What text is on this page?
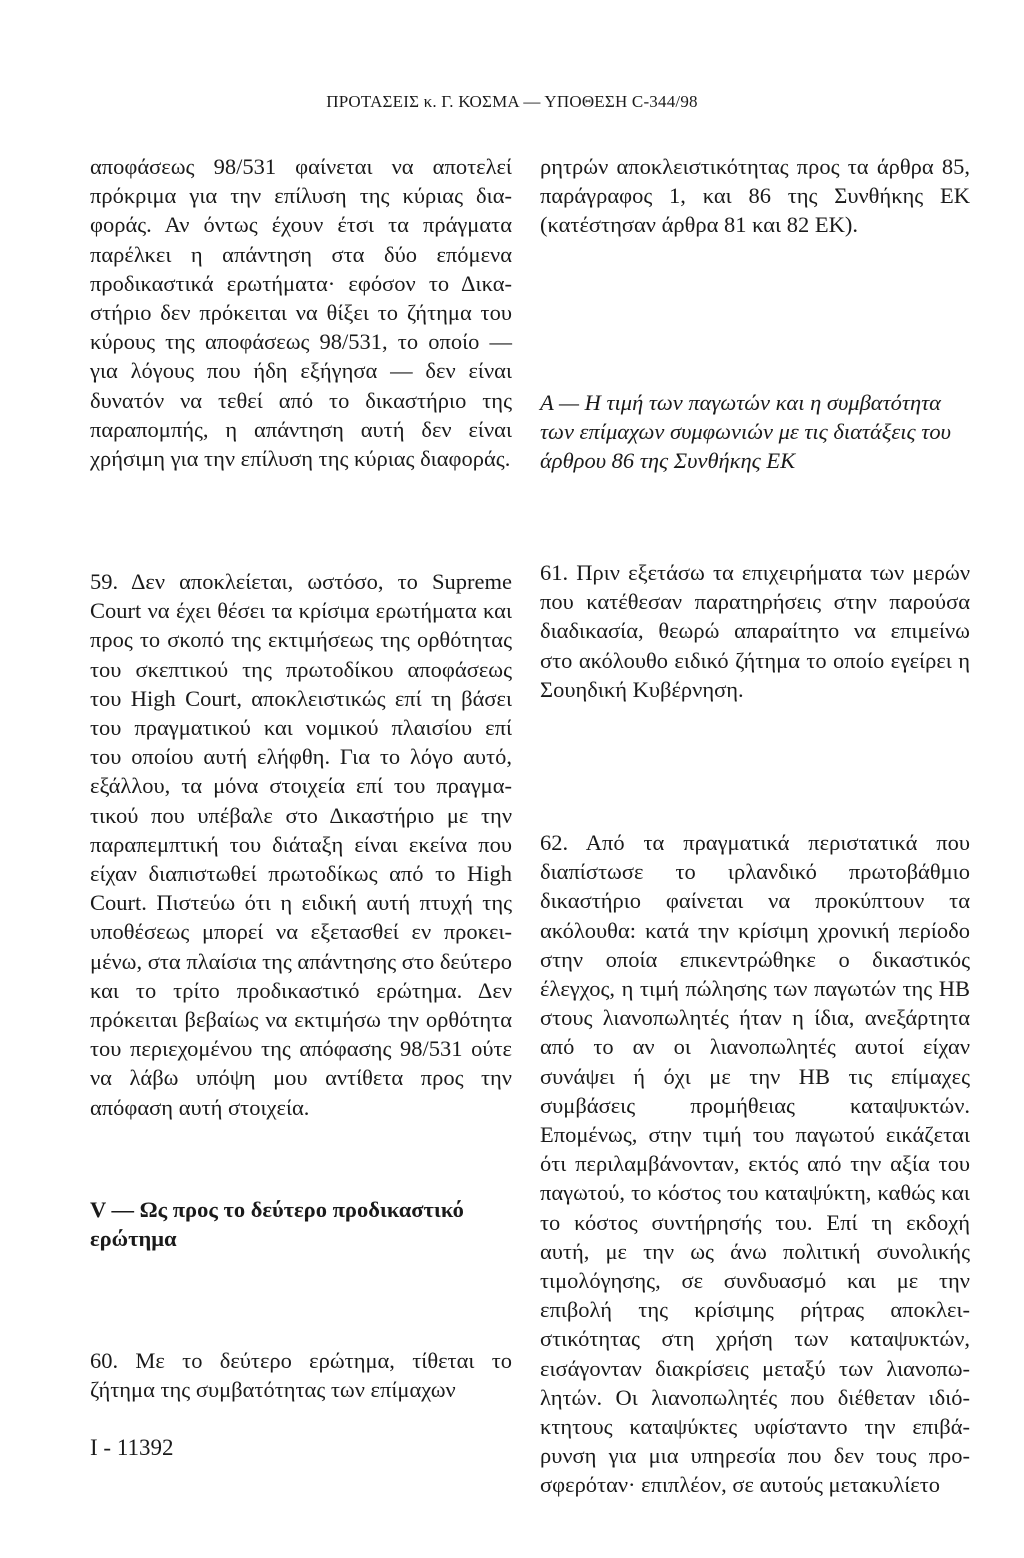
ΠΡΟΤΑΣΕΙΣ κ. Γ. ΚΟΣΜΑ — ΥΠΟΘΕΣΗ C-344/98

αποφάσεως 98/531 φαίνεται να αποτελεί πρόκριμα για την επίλυση της κύριας διαφοράς. Αν όντως έχουν έτσι τα πράγματα παρέλκει η απάντηση στα δύο επόμενα προδικαστικά ερωτήματα· εφόσον το Δικαστήριο δεν πρόκειται να θίξει το ζήτημα του κύρους της αποφάσεως 98/531, το οποίο — για λόγους που ήδη εξήγησα — δεν είναι δυνατόν να τεθεί από το δικαστήριο της παραπομπής, η απάντηση αυτή δεν είναι χρήσιμη για την επίλυση της κύριας διαφοράς.

59. Δεν αποκλείεται, ωστόσο, το Supreme Court να έχει θέσει τα κρίσιμα ερωτήματα και προς το σκοπό της εκτιμήσεως της ορθότητας του σκεπτικού της πρωτοδίκου αποφάσεως του High Court, αποκλειστικώς επί τη βάσει του πραγματικού και νομικού πλαισίου επί του οποίου αυτή ελήφθη. Για το λόγο αυτό, εξάλλου, τα μόνα στοιχεία επί του πραγματικού που υπέβαλε στο Δικαστήριο με την παραπεμπτική του διάταξη είναι εκείνα που είχαν διαπιστωθεί πρωτοδίκως από το High Court. Πιστεύω ότι η ειδική αυτή πτυχή της υποθέσεως μπορεί να εξετασθεί εν προκειμένω, στα πλαίσια της απάντησης στο δεύτερο και το τρίτο προδικαστικό ερώτημα. Δεν πρόκειται βεβαίως να εκτιμήσω την ορθότητα του περιεχομένου της απόφασης 98/531 ούτε να λάβω υπόψη μου αντίθετα προς την απόφαση αυτή στοιχεία.

V — Ως προς το δεύτερο προδικαστικό ερώτημα

60. Με το δεύτερο ερώτημα, τίθεται το ζήτημα της συμβατότητας των επίμαχων

ρητρών αποκλειστικότητας προς τα άρθρα 85, παράγραφος 1, και 86 της Συνθήκης ΕΚ (κατέστησαν άρθρα 81 και 82 ΕΚ).

A — Η τιμή των παγωτών και η συμβατότητα των επίμαχων συμφωνιών με τις διατάξεις του άρθρου 86 της Συνθήκης ΕΚ

61. Πριν εξετάσω τα επιχειρήματα των μερών που κατέθεσαν παρατηρήσεις στην παρούσα διαδικασία, θεωρώ απαραίτητο να επιμείνω στο ακόλουθο ειδικό ζήτημα το οποίο εγείρει η Σουηδική Κυβέρνηση.

62. Από τα πραγματικά περιστατικά που διαπίστωσε το ιρλανδικό πρωτοβάθμιο δικαστήριο φαίνεται να προκύπτουν τα ακόλουθα: κατά την κρίσιμη χρονική περίοδο στην οποία επικεντρώθηκε ο δικαστικός έλεγχος, η τιμή πώλησης των παγωτών της HB στους λιανοπωλητές ήταν η ίδια, ανεξάρτητα από το αν οι λιανοπωλητές αυτοί είχαν συνάψει ή όχι με την HB τις επίμαχες συμβάσεις προμήθειας καταψυκτών. Επομένως, στην τιμή του παγωτού εικάζεται ότι περιλαμβάνονταν, εκτός από την αξία του παγωτού, το κόστος του καταψύκτη, καθώς και το κόστος συντήρησής του. Επί τη εκδοχή αυτή, με την ως άνω πολιτική συνολικής τιμολόγησης, σε συνδυασμό και με την επιβολή της κρίσιμης ρήτρας αποκλειστικότητας στη χρήση των καταψυκτών, εισάγονταν διακρίσεις μεταξύ των λιανοπωλητών. Οι λιανοπωλητές που διέθεταν ιδιόκτητους καταψύκτες υφίσταντο την επιβάρυνση για μια υπηρεσία που δεν τους προσφερόταν· επιπλέον, σε αυτούς μετακυλίετο

I - 11392
